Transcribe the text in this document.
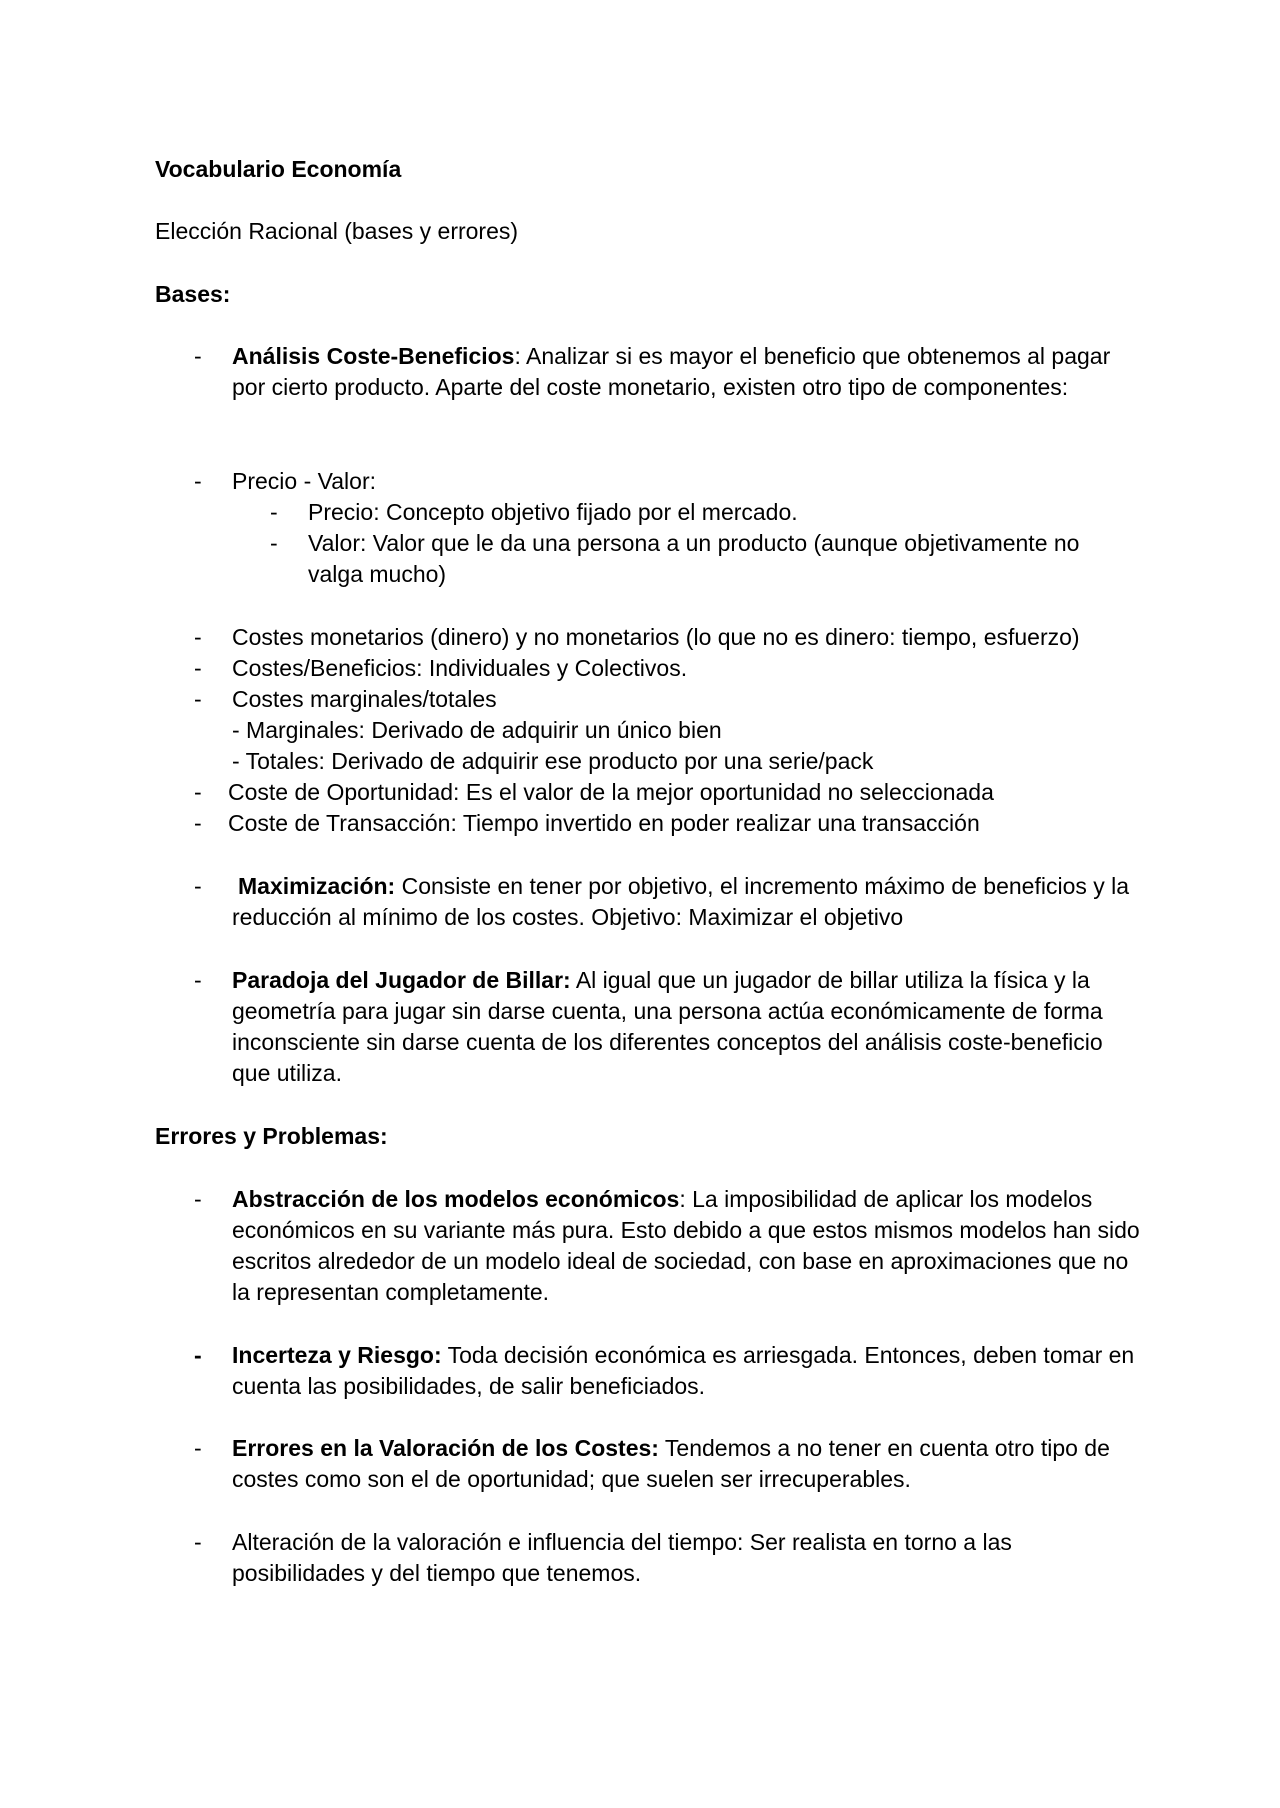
Vocabulario Economía

Elección Racional (bases y errores)

Bases:

- Análisis Coste-Beneficios: Analizar si es mayor el beneficio que obtenemos al pagar por cierto producto. Aparte del coste monetario, existen otro tipo de componentes:
- Precio - Valor:
- Precio: Concepto objetivo fijado por el mercado.
- Valor: Valor que le da una persona a un producto (aunque objetivamente no valga mucho)
- Costes monetarios (dinero) y no monetarios (lo que no es dinero: tiempo, esfuerzo)
- Costes/Beneficios: Individuales y Colectivos.
- Costes marginales/totales
- Marginales: Derivado de adquirir un único bien
- Totales: Derivado de adquirir ese producto por una serie/pack
- Coste de Oportunidad: Es el valor de la mejor oportunidad no seleccionada
- Coste de Transacción: Tiempo invertido en poder realizar una transacción
- Maximización: Consiste en tener por objetivo, el incremento máximo de beneficios y la reducción al mínimo de los costes. Objetivo: Maximizar el objetivo
- Paradoja del Jugador de Billar: Al igual que un jugador de billar utiliza la física y la geometría para jugar sin darse cuenta, una persona actúa económicamente de forma inconsciente sin darse cuenta de los diferentes conceptos del análisis coste-beneficio que utiliza.

Errores y Problemas:

- Abstracción de los modelos económicos: La imposibilidad de aplicar los modelos económicos en su variante más pura. Esto debido a que estos mismos modelos han sido escritos alrededor de un modelo ideal de sociedad, con base en aproximaciones que no la representan completamente.
- Incerteza y Riesgo: Toda decisión económica es arriesgada. Entonces, deben tomar en cuenta las posibilidades, de salir beneficiados.
- Errores en la Valoración de los Costes: Tendemos a no tener en cuenta otro tipo de costes como son el de oportunidad; que suelen ser irrecuperables.
- Alteración de la valoración e influencia del tiempo: Ser realista en torno a las posibilidades y del tiempo que tenemos.
